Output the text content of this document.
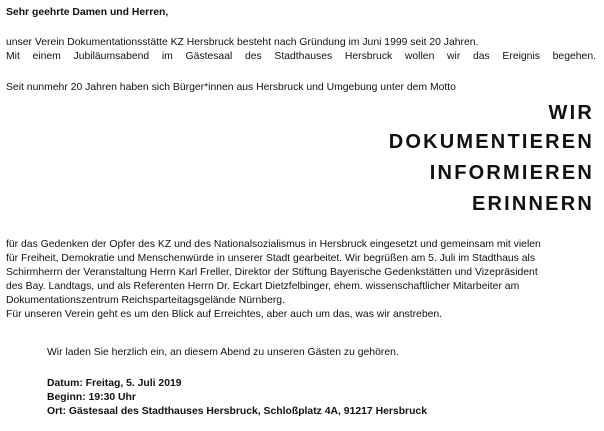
Sehr geehrte Damen und Herren,

unser Verein Dokumentationsstätte KZ Hersbruck besteht nach Gründung im Juni 1999 seit 20 Jahren.

Mit einem Jubiläumsabend im Gästesaal des Stadthauses Hersbruck wollen wir das Ereignis begehen.

Seit nunmehr 20 Jahren haben sich Bürger*innen aus Hersbruck und Umgebung unter dem Motto

WIR

DOKUMENTIEREN

INFORMIEREN

ERINNERN

für das Gedenken der Opfer des KZ und des Nationalsozialismus in Hersbruck eingesetzt und gemeinsam mit vielen

für Freiheit, Demokratie und Menschenwürde in unserer Stadt gearbeitet. Wir begrüßen am 5. Juli im Stadthaus als

Schirmherrn der Veranstaltung Herrn Karl Freller, Direktor der Stiftung Bayerische Gedenkstätten und Vizepräsident

des Bay. Landtags, und als Referenten Herrn Dr. Eckart Dietzfelbinger, ehem. wissenschaftlicher Mitarbeiter am

Dokumentationszentrum Reichsparteitagsgelände Nürnberg.

Für unseren Verein geht es um den Blick auf Erreichtes, aber auch um das, was wir anstreben.

Wir laden Sie herzlich ein, an diesem Abend zu unseren Gästen zu gehören.

Datum: Freitag, 5. Juli 2019

Beginn: 19:30 Uhr

Ort: Gästesaal des Stadthauses Hersbruck, Schloßplatz 4A, 91217 Hersbruck
